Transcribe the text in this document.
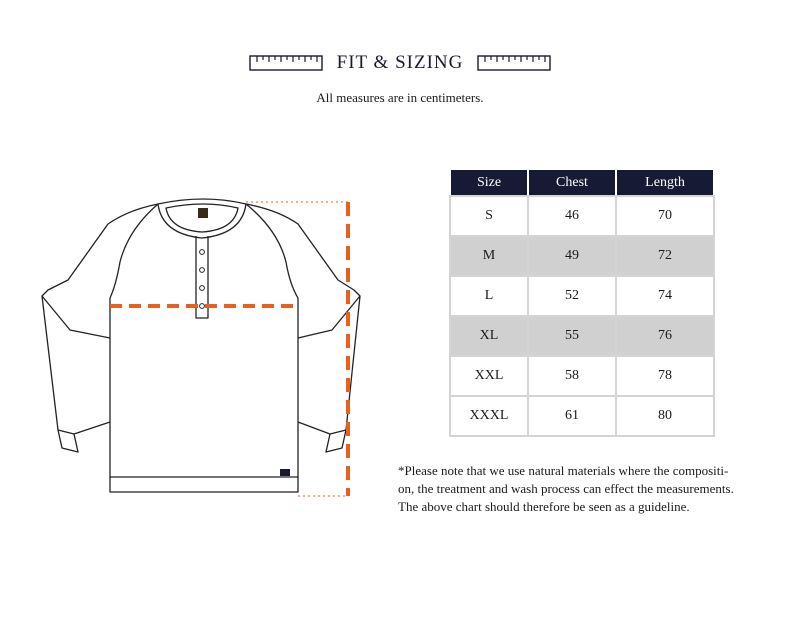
FIT & SIZING
All measures are in centimeters.
Size	Chest	Length
S	46	70
M	49	72
L	52	74
XL	55	76
XXL	58	78
XXXL	61	80
*Please note that we use natural materials where the compositi-
on, the treatment and wash process can effect the measurements.
The above chart should therefore be seen as a guideline.
